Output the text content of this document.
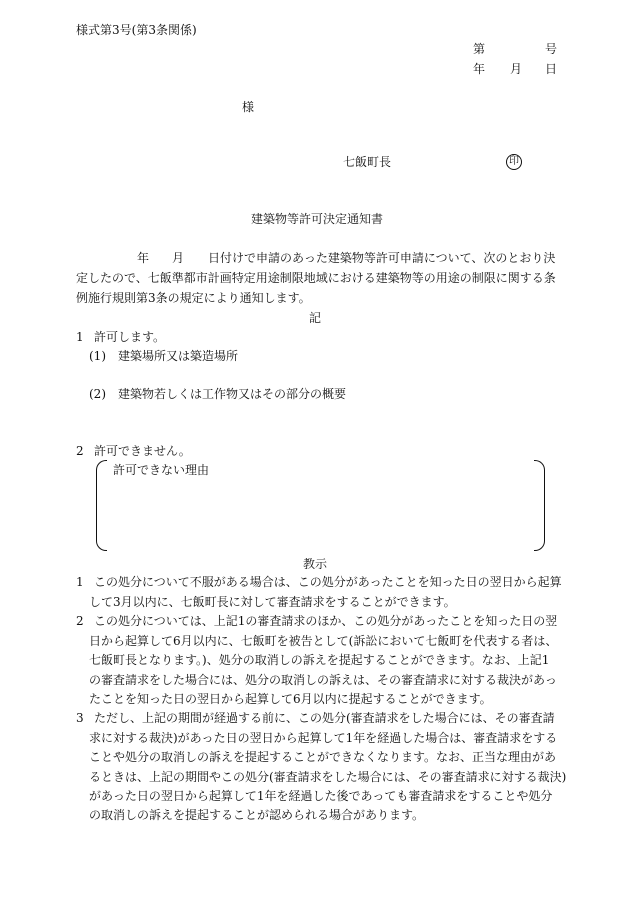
様式第3号(第3条関係)
第	号
年 月 日
様
七飯町長	印
建築物等許可決定通知書
年 月 日付けで申請のあった建築物等許可申請について、次のとおり決
定したので、七飯準都市計画特定用途制限地域における建築物等の用途の制限に関する条
例施行規則第3条の規定により通知します。
記
1 許可します。
(1) 建築場所又は築造場所
(2) 建築物若しくは工作物又はその部分の概要
2 許可できません。
許可できない理由
教示
1 この処分について不服がある場合は、この処分があったことを知った日の翌日から起算
して3月以内に、七飯町長に対して審査請求をすることができます。
2 この処分については、上記1の審査請求のほか、この処分があったことを知った日の翌
日から起算して6月以内に、七飯町を被告として(訴訟において七飯町を代表する者は、
七飯町長となります。)、処分の取消しの訴えを提起することができます。なお、上記1
の審査請求をした場合には、処分の取消しの訴えは、その審査請求に対する裁決があっ
たことを知った日の翌日から起算して6月以内に提起することができます。
3 ただし、上記の期間が経過する前に、この処分(審査請求をした場合には、その審査請
求に対する裁決)があった日の翌日から起算して1年を経過した場合は、審査請求をする
ことや処分の取消しの訴えを提起することができなくなります。なお、正当な理由があ
るときは、上記の期間やこの処分(審査請求をした場合には、その審査請求に対する裁決)
があった日の翌日から起算して1年を経過した後であっても審査請求をすることや処分
の取消しの訴えを提起することが認められる場合があります。
